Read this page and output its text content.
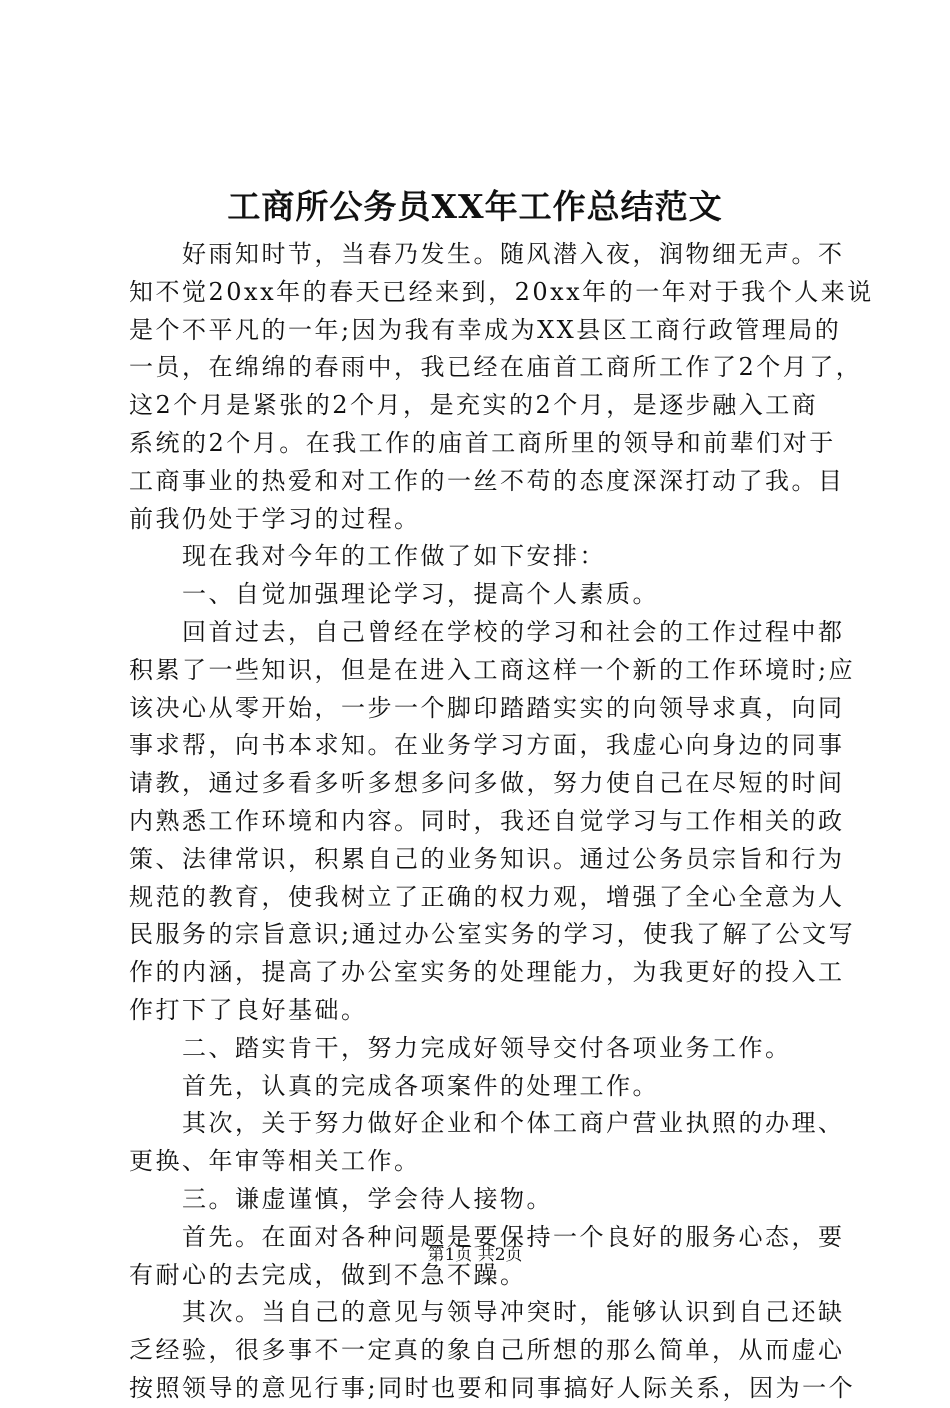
工商所公务员XX年工作总结范文
　　好雨知时节，当春乃发生。随风潜入夜，润物细无声。不
知不觉20xx年的春天已经来到，20xx年的一年对于我个人来说
是个不平凡的一年;因为我有幸成为XX县区工商行政管理局的
一员，在绵绵的春雨中，我已经在庙首工商所工作了2个月了，
这2个月是紧张的2个月，是充实的2个月，是逐步融入工商
系统的2个月。在我工作的庙首工商所里的领导和前辈们对于
工商事业的热爱和对工作的一丝不苟的态度深深打动了我。目
前我仍处于学习的过程。
　　现在我对今年的工作做了如下安排：
　　一、自觉加强理论学习，提高个人素质。
　　回首过去，自己曾经在学校的学习和社会的工作过程中都
积累了一些知识，但是在进入工商这样一个新的工作环境时;应
该决心从零开始，一步一个脚印踏踏实实的向领导求真，向同
事求帮，向书本求知。在业务学习方面，我虚心向身边的同事
请教，通过多看多听多想多问多做，努力使自己在尽短的时间
内熟悉工作环境和内容。同时，我还自觉学习与工作相关的政
策、法律常识，积累自己的业务知识。通过公务员宗旨和行为
规范的教育，使我树立了正确的权力观，增强了全心全意为人
民服务的宗旨意识;通过办公室实务的学习，使我了解了公文写
作的内涵，提高了办公室实务的处理能力，为我更好的投入工
作打下了良好基础。
　　二、踏实肯干，努力完成好领导交付各项业务工作。
　　首先，认真的完成各项案件的处理工作。
　　其次，关于努力做好企业和个体工商户营业执照的办理、
更换、年审等相关工作。
　　三。谦虚谨慎，学会待人接物。
　　首先。在面对各种问题是要保持一个良好的服务心态，要
有耐心的去完成，做到不急不躁。
　　其次。当自己的意见与领导冲突时，能够认识到自己还缺
乏经验，很多事不一定真的象自己所想的那么简单，从而虚心
按照领导的意见行事;同时也要和同事搞好人际关系，因为一个
第1页 共2页
